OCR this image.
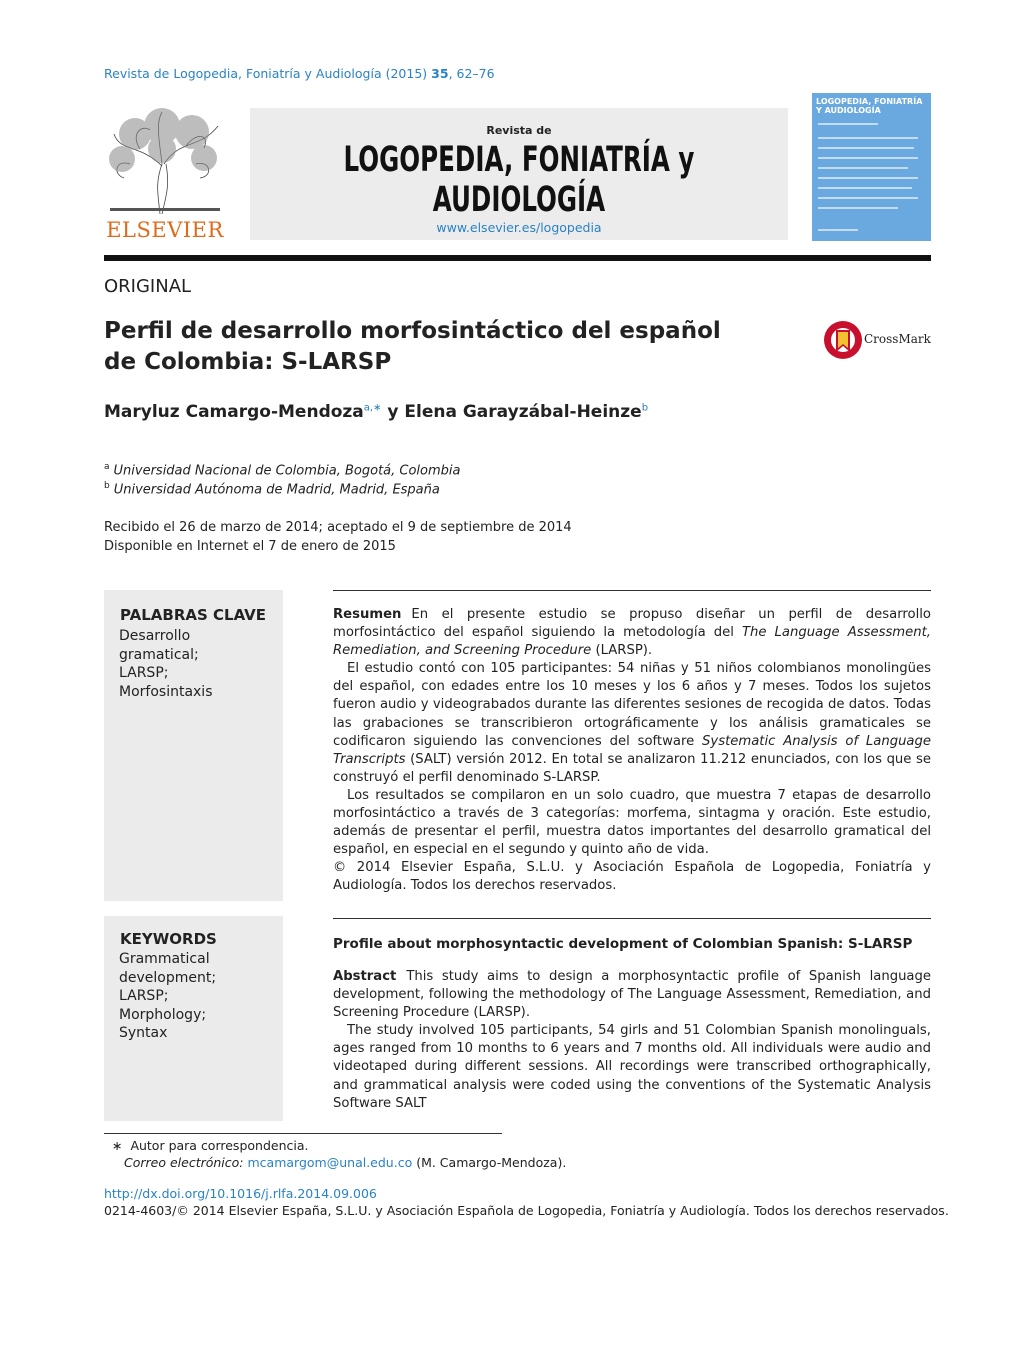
Revista de Logopedia, Foniatría y Audiología (2015) 35, 62–76
ELSEVIER
Revista de
LOGOPEDIA, FONIATRÍA y AUDIOLOGÍA
www.elsevier.es/logopedia
LOGOPEDIA, FONIATRÍA Y AUDIOLOGÍA
ORIGINAL
Perfil de desarrollo morfosintáctico del español de Colombia: S-LARSP
CrossMark
Maryluz Camargo-Mendoza$^{a,∗}$ y Elena Garayzábal-Heinze$^b$
$^a$ Universidad Nacional de Colombia, Bogotá, Colombia
$^b$ Universidad Autónoma de Madrid, Madrid, España
Recibido el 26 de marzo de 2014; aceptado el 9 de septiembre de 2014
Disponible en Internet el 7 de enero de 2015
PALABRAS CLAVE
Desarrollo
gramatical;
LARSP;
Morfosintaxis

Resumen En el presente estudio se propuso diseñar un perfil de desarrollo morfosintáctico del español siguiendo la metodología del The Language Assessment, Remediation, and Screening Procedure (LARSP).

El estudio contó con 105 participantes: 54 niñas y 51 niños colombianos monolingües del español, con edades entre los 10 meses y los 6 años y 7 meses. Todos los sujetos fueron audio y videograbados durante las diferentes sesiones de recogida de datos. Todas las grabaciones se transcribieron ortográficamente y los análisis gramaticales se codificaron siguiendo las convenciones del software Systematic Analysis of Language Transcripts (SALT) versión 2012. En total se analizaron 11.212 enunciados, con los que se construyó el perfil denominado S-LARSP.

Los resultados se compilaron en un solo cuadro, que muestra 7 etapas de desarrollo morfosintáctico a través de 3 categorías: morfema, sintagma y oración. Este estudio, además de presentar el perfil, muestra datos importantes del desarrollo gramatical del español, en especial en el segundo y quinto año de vida.

© 2014 Elsevier España, S.L.U. y Asociación Española de Logopedia, Foniatría y Audiología. Todos los derechos reservados.

KEYWORDS
Grammatical
development;
LARSP;
Morphology;
Syntax
Profile about morphosyntactic development of Colombian Spanish: S-LARSP

Abstract This study aims to design a morphosyntactic profile of Spanish language development, following the methodology of The Language Assessment, Remediation, and Screening Procedure (LARSP).

The study involved 105 participants, 54 girls and 51 Colombian Spanish monolinguals, ages ranged from 10 months to 6 years and 7 months old. All individuals were audio and videotaped during different sessions. All recordings were transcribed orthographically, and grammatical analysis were coded using the conventions of the Systematic Analysis Software SALT

∗ Autor para correspondencia.
Correo electrónico: mcamargom@unal.edu.co (M. Camargo-Mendoza).
http://dx.doi.org/10.1016/j.rlfa.2014.09.006
0214-4603/© 2014 Elsevier España, S.L.U. y Asociación Española de Logopedia, Foniatría y Audiología. Todos los derechos reservados.
